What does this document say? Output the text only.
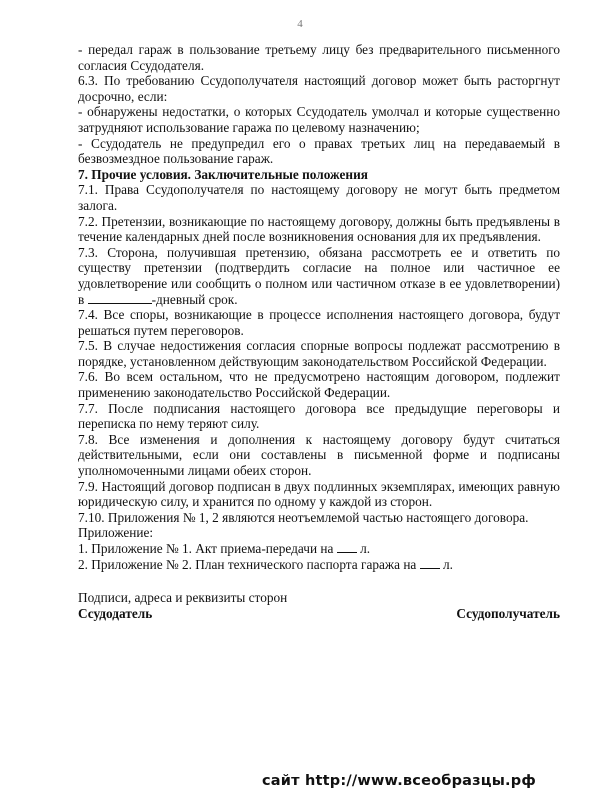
4

- передал гараж в пользование третьему лицу без предварительного письменного согласия Ссудодателя.

6.3. По требованию Ссудополучателя настоящий договор может быть расторгнут досрочно, если:

- обнаружены недостатки, о которых Ссудодатель умолчал и которые существенно затрудняют использование гаража по целевому назначению;

- Ссудодатель не предупредил его о правах третьих лиц на передаваемый в безвозмездное пользование гараж.

7. Прочие условия. Заключительные положения

7.1. Права Ссудополучателя по настоящему договору не могут быть предметом залога.

7.2. Претензии, возникающие по настоящему договору, должны быть предъявлены в течение календарных дней после возникновения основания для их предъявления.

7.3. Сторона, получившая претензию, обязана рассмотреть ее и ответить по существу претензии (подтвердить согласие на полное или частичное ее удовлетворение или сообщить о полном или частичном отказе в ее удовлетворении) в	-дневный срок.

7.4. Все споры, возникающие в процессе исполнения настоящего договора, будут решаться путем переговоров.

7.5. В случае недостижения согласия спорные вопросы подлежат рассмотрению в порядке, установленном действующим законодательством Российской Федерации.

7.6. Во всем остальном, что не предусмотрено настоящим договором, подлежит применению законодательство Российской Федерации.

7.7. После подписания настоящего договора все предыдущие переговоры и переписка по нему теряют силу.

7.8. Все изменения и дополнения к настоящему договору будут считаться действительными, если они составлены в письменной форме и подписаны уполномоченными лицами обеих сторон.

7.9. Настоящий договор подписан в двух подлинных экземплярах, имеющих равную юридическую силу, и хранится по одному у каждой из сторон.

7.10. Приложения № 1, 2 являются неотъемлемой частью настоящего договора.

Приложение:

1. Приложение № 1. Акт приема-передачи на л.

2. Приложение № 2. План технического паспорта гаража на л.

Подписи, адреса и реквизиты сторон

Ссудодатель	Ссудополучатель
сайт http://www.всеобразцы.рф
